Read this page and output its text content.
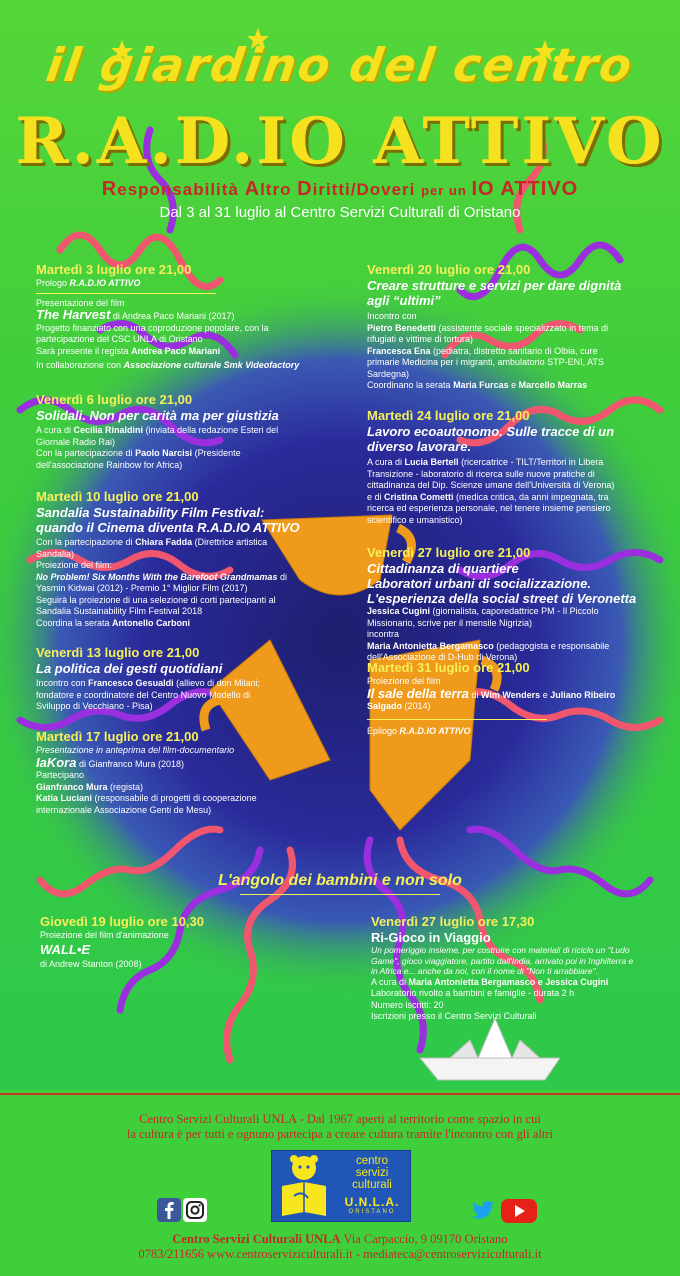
il giardino del centro
R.A.D.IO ATTIVO
Responsabilità Altro Diritti/Doveri per un IO ATTIVO
Dal 3 al 31 luglio al Centro Servizi Culturali di Oristano
Martedì 3 luglio ore 21,00
Prologo R.A.D.IO ATTIVO
Presentazione del film
The Harvest di Andrea Paco Mariani (2017)
Progetto finanziato con una coproduzione popolare, con la
partecipazione del CSC UNLA di Oristano
Sarà presente il regista Andrea Paco Mariani
In collaborazione con Associazione culturale Smk Videofactory
Venerdì 6 luglio ore 21,00
Solidali. Non per carità ma per giustizia
A cura di Cecilia Rinaldini (inviata della redazione Esteri del
Giornale Radio Rai)
Con la partecipazione di Paolo Narcisi (Presidente
dell'associazione Rainbow for Africa)
Martedì 10 luglio ore 21,00
Sandalia Sustainability Film Festival:
quando il Cinema diventa R.A.D.IO ATTIVO
Con la partecipazione di Chiara Fadda (Direttrice artistica
Sandalia)
Proiezione del film:
No Problem! Six Months With the Barefoot Grandmamas di
Yasmin Kidwai (2012) - Premio 1° Miglior Film (2017)
Seguirà la proiezione di una selezione di corti partecipanti al
Sandalia Sustainability Film Festival 2018
Coordina la serata Antonello Carboni
Venerdì 13 luglio ore 21,00
La politica dei gesti quotidiani
Incontro con Francesco Gesualdi (allievo di don Milani;
fondatore e coordinatore del Centro Nuovo Modello di
Sviluppo di Vecchiano - Pisa)
Martedì 17 luglio ore 21,00
Presentazione in anteprima del film-documentario
IaKora di Gianfranco Mura (2018)
Partecipano
Gianfranco Mura (regista)
Katia Luciani (responsabile di progetti di cooperazione
internazionale Associazione Genti de Mesu)
Venerdì 20 luglio ore 21,00
Creare strutture e servizi per dare dignità
agli “ultimi”
Incontro con
Pietro Benedetti (assistente sociale specializzato in tema di
rifugiati e vittime di tortura)
Francesca Ena (pediatra, distretto sanitario di Olbia, cure
primarie Medicina per i migranti, ambulatorio STP-ENI, ATS
Sardegna)
Coordinano la serata Maria Furcas e Marcello Marras
Martedì 24 luglio ore 21,00
Lavoro ecoautonomo. Sulle tracce di un
diverso lavorare.
A cura di Lucia Bertell (ricercatrice - TILT/Territori in Libera
Transizione - laboratorio di ricerca sulle nuove pratiche di
cittadinanza del Dip. Scienze umane dell'Università di Verona)
e di Cristina Cometti (medica critica, da anni impegnata, tra
ricerca ed esperienza personale, nel tenere insieme pensiero
scientifico e umanistico)
Venerdì 27 luglio ore 21,00
Cittadinanza di quartiere
Laboratori urbani di socializzazione.
L'esperienza della social street di Veronetta
Jessica Cugini (giornalista, caporedattrice PM - Il Piccolo
Missionario, scrive per il mensile Nigrizia)
incontra
Maria Antonietta Bergamasco (pedagogista e responsabile
dell'Associazione di D-Hub di Verona)
Martedì 31 luglio ore 21,00
Proiezione del film
Il sale della terra di Wim Wenders e Juliano Ribeiro
Salgado (2014)
Epilogo R.A.D.IO ATTIVO
L'angolo dei bambini e non solo
Giovedì 19 luglio ore 10,30
Proiezione del film d'animazione
WALL•E
di Andrew Stanton (2008)
Venerdì 27 luglio ore 17,30
Ri-Gioco in Viaggio
Un pomeriggio insieme, per costruire con materiali di riciclo un "Ludo
Game", gioco viaggiatore, partito dall'India, arrivato poi in Inghilterra e
in Africa e... anche da noi, con il nome di "Non ti arrabbiare".
A cura di Maria Antonietta Bergamasco e Jessica Cugini
Laboratorio rivolto a bambini e famiglie - durata 2 h
Numero iscritti: 20
Iscrizioni presso il Centro Servizi Culturali
Centro Servizi Culturali UNLA - Dal 1967 aperti al territorio come spazio in cui
la cultura è per tutti e ognuno partecipa a creare cultura tramite l'incontro con gli altri
centro
servizi
culturali
U.N.L.A.
ORISTANO
Centro Servizi Culturali UNLA Via Carpaccio, 9 09170 Oristano
0783/211656 www.centroserviziculturali.it - mediateca@centroserviziculturali.it
